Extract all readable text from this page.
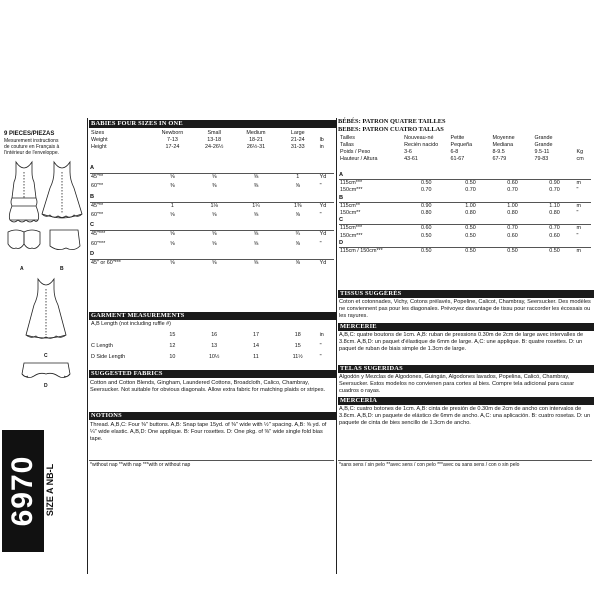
9 PIECES/PIEZAS
Mesurement instructions
de couture en Français à
l'intérieur de l'enveloppe.
A	B
C
D
6970 SIZE A NB-L
BABIES FOUR SIZES IN ONE
Sizes	Newborn	Small	Medium	Large	
Weight	7-13	13-18	18-21	21-24	lb
Height	17-24	24-26½	26½-31	31-33	in
A
45"**	⅝	⅝	⅝	1	Yd
60"**	⅜	⅜	⅜	⅝	"
B
45"**	1	1⅛	1¼	1⅜	Yd
60"**	⅝	⅝	⅝	⅝	"
C
45"***	⅝	⅝	⅝	¾	Yd
60"***	⅝	⅝	⅝	⅝	"
D
45" or 60"***	⅝	⅝	⅝	⅝	Yd
GARMENT MEASUREMENTS
A,B Length (not including ruffle #)					
	15	16	17	18	in
C Length	12	13	14	15	"
D Side Length	10	10½	11	11½	"
SUGGESTED FABRICS
Cotton and Cotton Blends, Gingham, Laundered Cottons, Broadcloth, Calico, Chambray, Seersucker. Not suitable for obvious diagonals. Allow extra fabric for matching plaids or stripes.
NOTIONS
Thread. A,B,C: Four ⅜" buttons. A,B: Snap tape 15yd. of ⅜" wide with ½" spacing. A,B: ⅝ yd. of ¼" wide elastic. A,B,D: One applique. B: Four rosettes. D: One pkg. of ⅜" wide single fold bias tape.
*without nap **with nap ***with or without nap
BÉBÉS: PATRON QUATRE TAILLES
BEBES: PATRON CUATRO TALLAS
Tailles	Nouveau-né	Petite	Moyenne	Grande	
Tallas	Recién nacido	Pequeña	Mediana	Grande	
Poids / Peso	3-6	6-8	8-9.5	9.5-11	Kg
Hauteur / Altura	43-61	61-67	67-79	79-83	cm
A
115cm***	0.50	0.50	0.60	0.90	m
150cm***	0.70	0.70	0.70	0.70	"
B
115cm**	0.90	1.00	1.00	1.10	m
150cm**	0.80	0.80	0.80	0.80	"
C
115cm***	0.60	0.50	0.70	0.70	m
150cm***	0.50	0.50	0.60	0.60	"
D
115cm / 150cm***	0.50	0.50	0.50	0.50	m
TISSUS SUGGÉRÉS
Coton et cotonnades, Vichy, Cotons prélavés, Popeline, Calicot, Chambray, Seersucker. Des modèles ne conviennent pas pour les diagonales. Prévoyez davantage de tissu pour raccorder les écossais ou les rayures.
MERCERIE
A,B,C: quatre boutons de 1cm. A,B: ruban de pressions 0.30m de 2cm de large avec intervalles de 3.8cm. A,B,D: un paquet d'élastique de 6mm de large. A,C: une applique. B: quatre rosettes. D: un paquet de ruban de biais simple de 1.3cm de large.
TELAS SUGERIDAS
Algodón y Mezclas de Algodones, Guingán, Algodones lavados, Popelina, Calicó, Chambray, Seersucker. Estos modelos no convienen para cortes al bies. Compre tela adicional para casar cuadros o rayas.
MERCERÍA
A,B,C: cuatro botones de 1cm. A,B: cinta de presión de 0.30m de 2cm de ancho con intervalos de 3.8cm. A,B,D: un paquete de elástico de 6mm de ancho. A,C: una aplicación. B: cuatro rosetas. D: un paquete de cinta de bies sencillo de 1.3cm de ancho.
*sans sens / sin pelo **avec sens / con pelo ***avec ou sans sens / con o sin pelo
